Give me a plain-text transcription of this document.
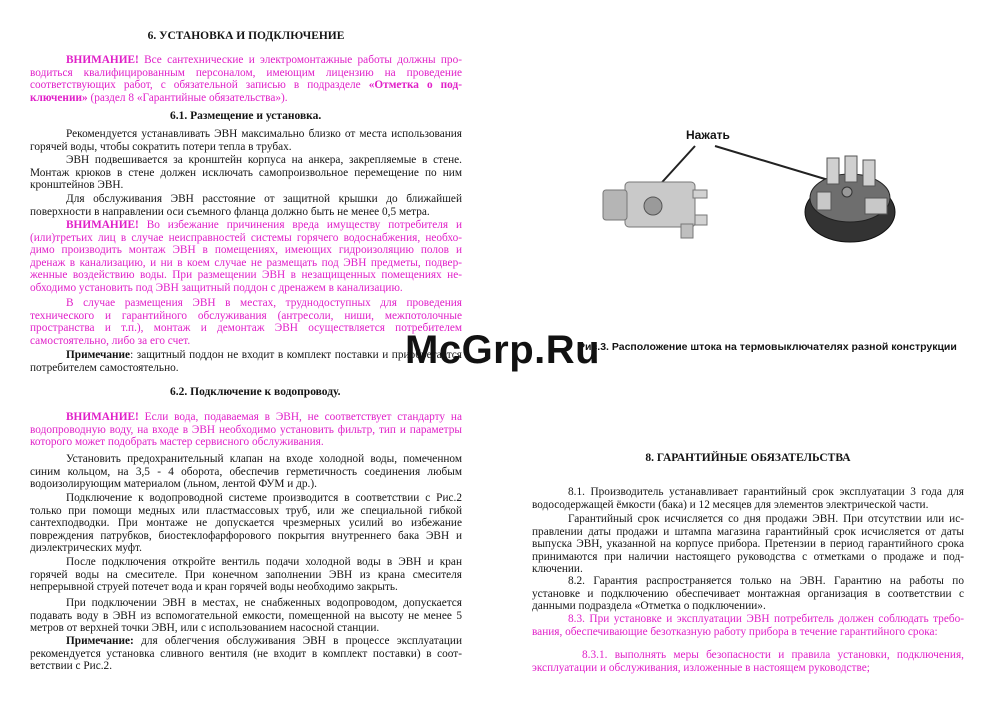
6. УСТАНОВКА И ПОДКЛЮЧЕНИЕ
ВНИМАНИЕ! Все сантехнические и электромонтажные работы должны про-водиться квалифицированным персоналом, имеющим лицензию на проведение соответствующих работ, с обязательной записью в подразделе «Отметка о под-ключении» (раздел 8 «Гарантийные обязательства»).
6.1. Размещение и установка.
Рекомендуется устанавливать ЭВН максимально близко от места использования горячей воды, чтобы сократить потери тепла в трубах.
ЭВН подвешивается за кронштейн корпуса на анкера, закрепляемые в стене. Монтаж крюков в стене должен исключать самопроизвольное перемещение по ним кронштейнов ЭВН.
Для обслуживания ЭВН расстояние от защитной крышки до ближайшей поверхности в направлении оси съемного фланца должно быть не менее 0,5 метра.
ВНИМАНИЕ! Во избежание причинения вреда имуществу потребителя и (или)третьих лиц в случае неисправностей системы горячего водоснабжения, необхо-димо производить монтаж ЭВН в помещениях, имеющих гидроизоляцию полов и дренаж в канализацию, и ни в коем случае не размещать под ЭВН предметы, подвер-женные воздействию воды. При размещении ЭВН в незащищенных помещениях не-обходимо установить под ЭВН защитный поддон с дренажем в канализацию.
В случае размещения ЭВН в местах, труднодоступных для проведения технического и гарантийного обслуживания (антресоли, ниши, межпотолочные пространства и т.п.), монтаж и демонтаж ЭВН осуществляется потребителем самостоятельно, либо за его счет.
Примечание: защитный поддон не входит в комплект поставки и приобретается потребителем самостоятельно.
6.2. Подключение к водопроводу.
ВНИМАНИЕ! Если вода, подаваемая в ЭВН, не соответствует стандарту на водопроводную воду, на входе в ЭВН необходимо установить фильтр, тип и параметры которого может подобрать мастер сервисного обслуживания.
Установить предохранительный клапан на входе холодной воды, помеченном синим кольцом, на 3,5 - 4 оборота, обеспечив герметичность соединения любым водоизолирующим материалом (льном, лентой ФУМ и др.).
Подключение к водопроводной системе производится в соответствии с Рис.2 только при помощи медных или пластмассовых труб, или же специальной гибкой сантехподводки. При монтаже не допускается чрезмерных усилий во избежание повреждения патрубков, биостеклофарфорового покрытия внутреннего бака ЭВН и диэлектрических муфт.
После подключения откройте вентиль подачи холодной воды в ЭВН и кран горячей воды на смесителе. При конечном заполнении ЭВН из крана смесителя непрерывной струей потечет вода и кран горячей воды необходимо закрыть.
При подключении ЭВН в местах, не снабженных водопроводом, допускается подавать воду в ЭВН из вспомогательной емкости, помещенной на высоту не менее 5 метров от верхней точки ЭВН, или с использованием насосной станции.
Примечание: для облегчения обслуживания ЭВН в процессе эксплуатации рекомендуется установка сливного вентиля (не входит в комплект поставки) в соот-ветствии с Рис.2.
Нажать
Рис.3. Расположение штока на термовыключателях разной конструкции
McGrp.Ru
8. ГАРАНТИЙНЫЕ ОБЯЗАТЕЛЬСТВА
8.1. Производитель устанавливает гарантийный срок эксплуатации 3 года для водосодержащей ёмкости (бака) и 12 месяцев для элементов электрической части.
Гарантийный срок исчисляется со дня продажи ЭВН. При отсутствии или ис-правлении даты продажи и штампа магазина гарантийный срок исчисляется от даты выпуска ЭВН, указанной на корпусе прибора. Претензии в период гарантийного срока принимаются при наличии настоящего руководства с отметками о продаже и под-ключении.
8.2. Гарантия распространяется только на ЭВН. Гарантию на работы по установке и подключению обеспечивает монтажная организация в соответствии с данными подраздела «Отметка о подключении».
8.3. При установке и эксплуатации ЭВН потребитель должен соблюдать требо-вания, обеспечивающие безотказную работу прибора в течение гарантийного срока:
8.3.1. выполнять меры безопасности и правила установки, подключения, эксплуатации и обслуживания, изложенные в настоящем руководстве;
